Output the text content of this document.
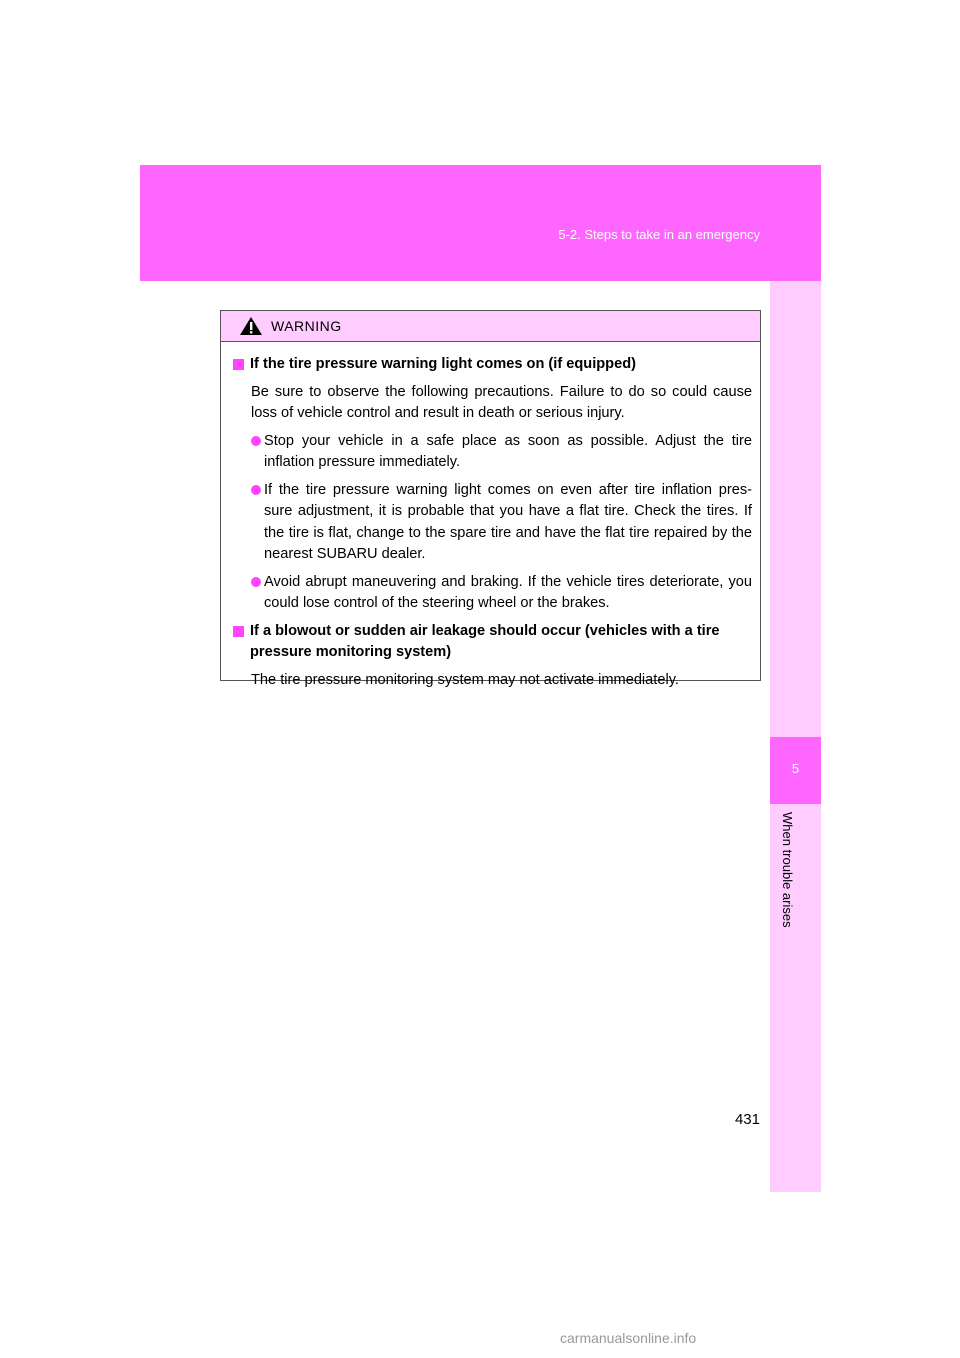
5-2. Steps to take in an emergency
5
When trouble arises
WARNING
If the tire pressure warning light comes on (if equipped)
Be sure to observe the following precautions. Failure to do so could cause loss of vehicle control and result in death or serious injury.
Stop your vehicle in a safe place as soon as possible. Adjust the tire inflation pressure immediately.
If the tire pressure warning light comes on even after tire inflation pres- sure adjustment, it is probable that you have a flat tire. Check the tires. If the tire is flat, change to the spare tire and have the flat tire repaired by the nearest SUBARU dealer.
Avoid abrupt maneuvering and braking. If the vehicle tires deteriorate, you could lose control of the steering wheel or the brakes.
If a blowout or sudden air leakage should occur (vehicles with a tire pressure monitoring system)
The tire pressure monitoring system may not activate immediately.
431
carmanualsonline.info
